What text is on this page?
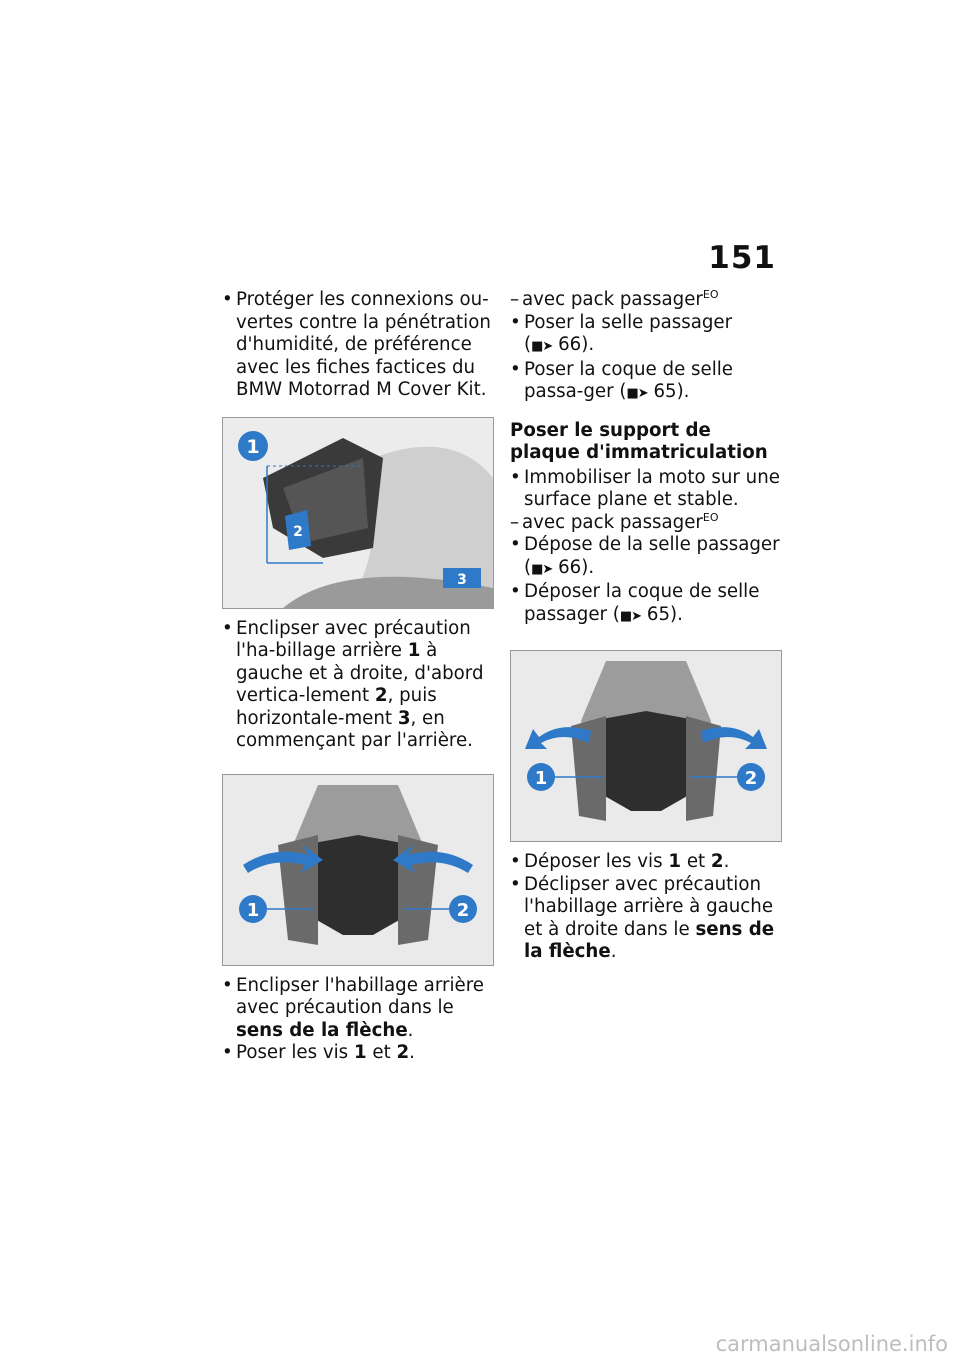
151
• Protéger les connexions ou-vertes contre la pénétration d'humidité, de préférence avec les fiches factices du BMW Motorrad M Cover Kit.
1
2
3
• Enclipser avec précaution l'ha-billage arrière 1 à gauche et à droite, d'abord vertica-lement 2, puis horizontale-ment 3, en commençant par l'arrière.
1	2
• Enclipser l'habillage arrière avec précaution dans le sens de la flèche.
• Poser les vis 1 et 2.
– avec pack passager$^{EO}$
• Poser la selle passager
(■➤ 66).
• Poser la coque de selle passa-ger (■➤ 65).
Poser le support de plaque d'immatriculation
• Immobiliser la moto sur une surface plane et stable.
– avec pack passager$^{EO}$
• Dépose de la selle passager
(■➤ 66).
• Déposer la coque de selle passager (■➤ 65).
1	2
• Déposer les vis 1 et 2.
• Déclipser avec précaution l'habillage arrière à gauche et à droite dans le sens de la flèche.
carmanualsonline.info
